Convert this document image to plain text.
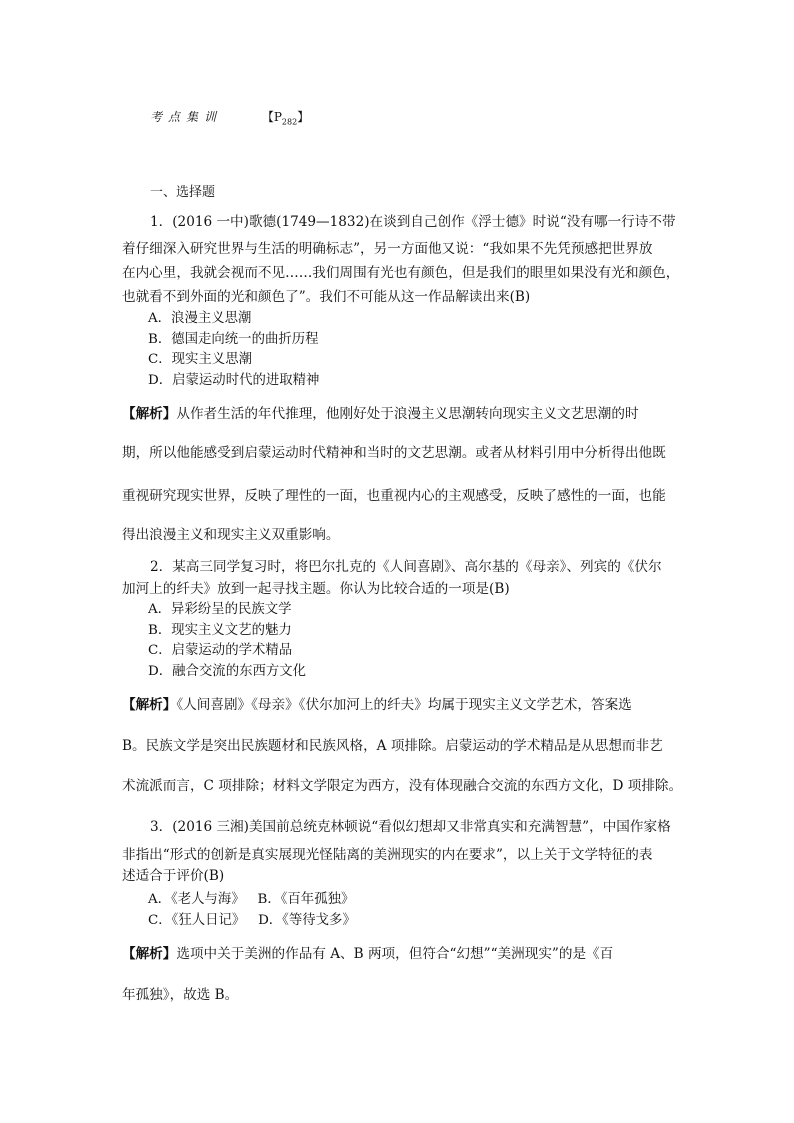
考点集训	【$P_{282}$】
一、选择题
1．(2016 一中)歌德(1749—1832)在谈到自己创作《浮士德》时说“没有哪一行诗不带
着仔细深入研究世界与生活的明确标志”，另一方面他又说：“我如果不先凭预感把世界放
在内心里，我就会视而不见……我们周围有光也有颜色，但是我们的眼里如果没有光和颜色，
也就看不到外面的光和颜色了”。我们不可能从这一作品解读出来(B)
A．浪漫主义思潮
B．德国走向统一的曲折历程
C．现实主义思潮
D．启蒙运动时代的进取精神
【解析】从作者生活的年代推理，他刚好处于浪漫主义思潮转向现实主义文艺思潮的时
期，所以他能感受到启蒙运动时代精神和当时的文艺思潮。或者从材料引用中分析得出他既
重视研究现实世界，反映了理性的一面，也重视内心的主观感受，反映了感性的一面，也能
得出浪漫主义和现实主义双重影响。
2．某高三同学复习时，将巴尔扎克的《人间喜剧》、高尔基的《母亲》、列宾的《伏尔
加河上的纤夫》放到一起寻找主题。你认为比较合适的一项是(B)
A．异彩纷呈的民族文学
B．现实主义文艺的魅力
C．启蒙运动的学术精品
D．融合交流的东西方文化
【解析】《人间喜剧》《母亲》《伏尔加河上的纤夫》均属于现实主义文学艺术，答案选
B。民族文学是突出民族题材和民族风格，A 项排除。启蒙运动的学术精品是从思想而非艺
术流派而言，C 项排除；材料文学限定为西方，没有体现融合交流的东西方文化，D 项排除。
3．(2016 三湘)美国前总统克林顿说“看似幻想却又非常真实和充满智慧”，中国作家格
非指出“形式的创新是真实展现光怪陆离的美洲现实的内在要求”，以上关于文学特征的表
述适合于评价(B)
A．《老人与海》 B．《百年孤独》
C．《狂人日记》 D．《等待戈多》
【解析】选项中关于美洲的作品有 A、B 两项，但符合“幻想”“美洲现实”的是《百
年孤独》，故选 B。
